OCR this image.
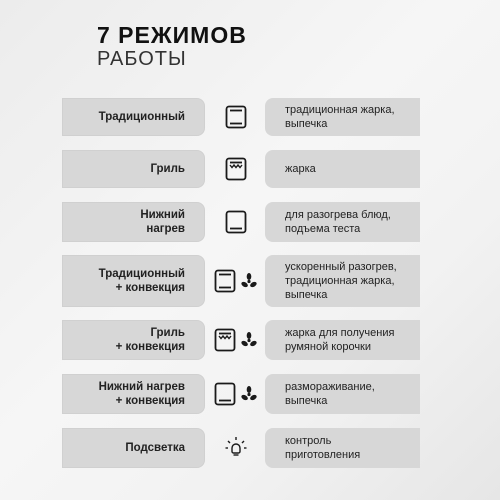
7 РЕЖИМОВ
РАБОТЫ
Традиционный
традиционная жарка,
выпечка
Гриль	жарка
Нижний
нагрев
для разогрева блюд,
подъема теста
Традиционный
+ конвекция
ускоренный разогрев,
традиционная жарка,
выпечка
Гриль
+ конвекция
жарка для получения
румяной корочки
Нижний нагрев
+ конвекция
размораживание,
выпечка
Подсветка
контроль
приготовления
